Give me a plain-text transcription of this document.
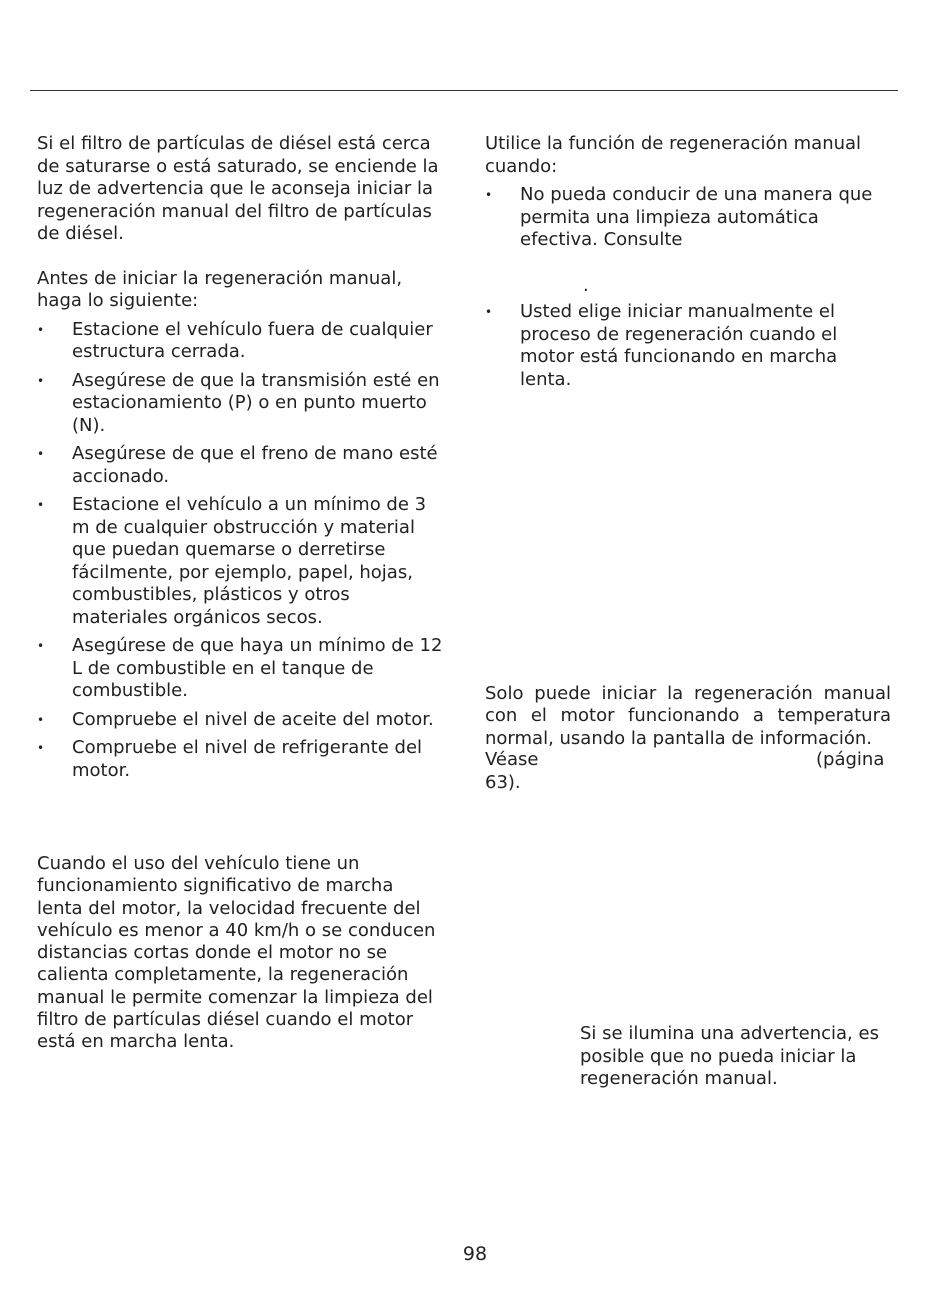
Si el filtro de partículas de diésel está cerca de saturarse o está saturado, se enciende la luz de advertencia que le aconseja iniciar la regeneración manual del filtro de partículas de diésel.

Antes de iniciar la regeneración manual, haga lo siguiente:

• Estacione el vehículo fuera de cualquier estructura cerrada.
• Asegúrese de que la transmisión esté en estacionamiento (P) o en punto muerto (N).
• Asegúrese de que el freno de mano esté accionado.
• Estacione el vehículo a un mínimo de 3 m de cualquier obstrucción y material que puedan quemarse o derretirse fácilmente, por ejemplo, papel, hojas, combustibles, plásticos y otros materiales orgánicos secos.
• Asegúrese de que haya un mínimo de 12 L de combustible en el tanque de combustible.
• Compruebe el nivel de aceite del motor.
• Compruebe el nivel de refrigerante del motor.

Cuando el uso del vehículo tiene un funcionamiento significativo de marcha lenta del motor, la velocidad frecuente del vehículo es menor a 40 km/h o se conducen distancias cortas donde el motor no se calienta completamente, la regeneración manual le permite comenzar la limpieza del filtro de partículas diésel cuando el motor está en marcha lenta.

Utilice la función de regeneración manual cuando:

• No pueda conducir de una manera que permita una limpieza automática efectiva. Consulte
.
• Usted elige iniciar manualmente el proceso de regeneración cuando el motor está funcionando en marcha lenta.

Solo puede iniciar la regeneración manual con el motor funcionando a temperatura normal, usando la pantalla de información.

Véase	(página
63).

Si se ilumina una advertencia, es posible que no pueda iniciar la regeneración manual.

98
